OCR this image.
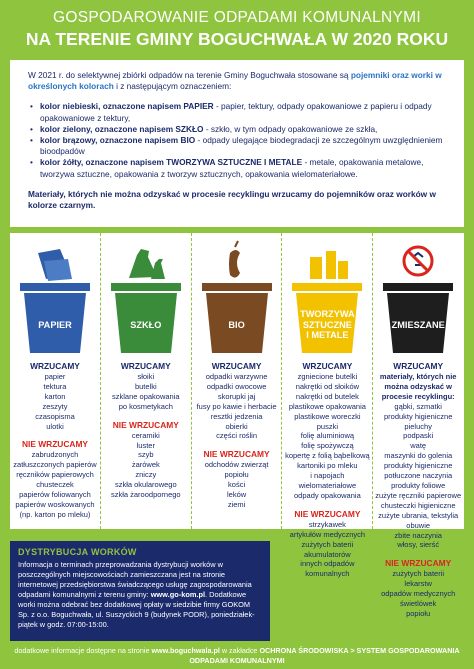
GOSPODAROWANIE ODPADAMI KOMUNALNYMI
NA TERENIE GMINY BOGUCHWAŁA W 2020 ROKU

W 2021 r. do selektywnej zbiórki odpadów na terenie Gminy Boguchwała stosowane są pojemniki oraz worki w określonych kolorach i z następującym oznaczeniem:

• kolor niebieski, oznaczone napisem PAPIER - papier, tektury, odpady opakowaniowe z papieru i odpady opakowaniowe z tektury,
• kolor zielony, oznaczone napisem SZKŁO - szkło, w tym odpady opakowaniowe ze szkła,
• kolor brązowy, oznaczone napisem BIO - odpady ulegające biodegradacji ze szczególnym uwzględnieniem bioodpadów
• kolor żółty, oznaczone napisem TWORZYWA SZTUCZNE I METALE - metale, opakowania metalowe, tworzywa sztuczne, opakowania z tworzyw sztucznych, opakowania wielomateriałowe.

Materiały, których nie można odzyskać w procesie recyklingu wrzucamy do pojemników oraz worków w kolorze czarnym.

PAPIER
WRZUCAMY
papier
tektura
karton
zeszyty
czasopisma
ulotki
NIE WRZUCAMY
zabrudzonych
zatłuszczonych papierów
ręczników papierowych
chusteczek
papierów foliowanych
papierów woskowanych
(np. karton po mleku)
SZKŁO
WRZUCAMY
słoiki
butelki
szklane opakowania
po kosmetykach
NIE WRZUCAMY
ceramiki
luster
szyb
żarówek
zniczy
szkła okularowego
szkła żaroodpornego
BIO
WRZUCAMY
odpadki warzywne
odpadki owocowe
skorupki jaj
fusy po kawie i herbacie
resztki jedzenia
obierki
części roślin
NIE WRZUCAMY
odchodów zwierząt
popiołu
kości
leków
ziemi
TWORZYWA
SZTUCZNE
I METALE
WRZUCAMY
zgniecione butelki
nakrętki od słoików
nakrętki od butelek
plastikowe opakowania
plastikowe woreczki
puszki
folię aluminiową
folię spożywczą
kopertę z folią bąbelkową
kartoniki po mleku
i napojach
wielomateriałowe
odpady opakowania
NIE WRZUCAMY
strzykawek
artykułów medycznych
zużytych baterii
akumulatorów
innych odpadów
komunalnych
ZMIESZANE
WRZUCAMY
materiały, których nie można odzyskać w procesie recyklingu:
gąbki, szmatki
produkty higieniczne
pieluchy
podpaski
watę
maszynki do golenia
produkty higieniczne
potłuczone naczynia
produkty foliowe
zużyte ręczniki papierowe
chusteczki higieniczne
zużyte ubrania, tekstylia
obuwie
zbite naczynia
włosy, sierść
NIE WRZUCAMY
zużytych baterii
lekarstw
odpadów medycznych
świetlówek
popiołu
DYSTRYBUCJA WORKÓW
Informacja o terminach przeprowadzania dystrybucji worków w poszczególnych miejscowościach zamieszczana jest na stronie internetowej przedsiębiorstwa świadczącego usługę zagospodarowania odpadami komunalnymi z terenu gminy: www.go-kom.pl. Dodatkowe worki można odebrać bez dodatkowej opłaty w siedzibie firmy GOKOM Sp. z o.o. Boguchwała, ul. Suszyckich 9 (budynek PODR), poniedziałek-piątek w godz. 07:00-15:00.
dodatkowe informacje dostępne na stronie www.boguchwala.pl w zakładce OCHRONA ŚRODOWISKA > SYSTEM GOSPODAROWANIA ODPADAMI KOMUNALNYMI
